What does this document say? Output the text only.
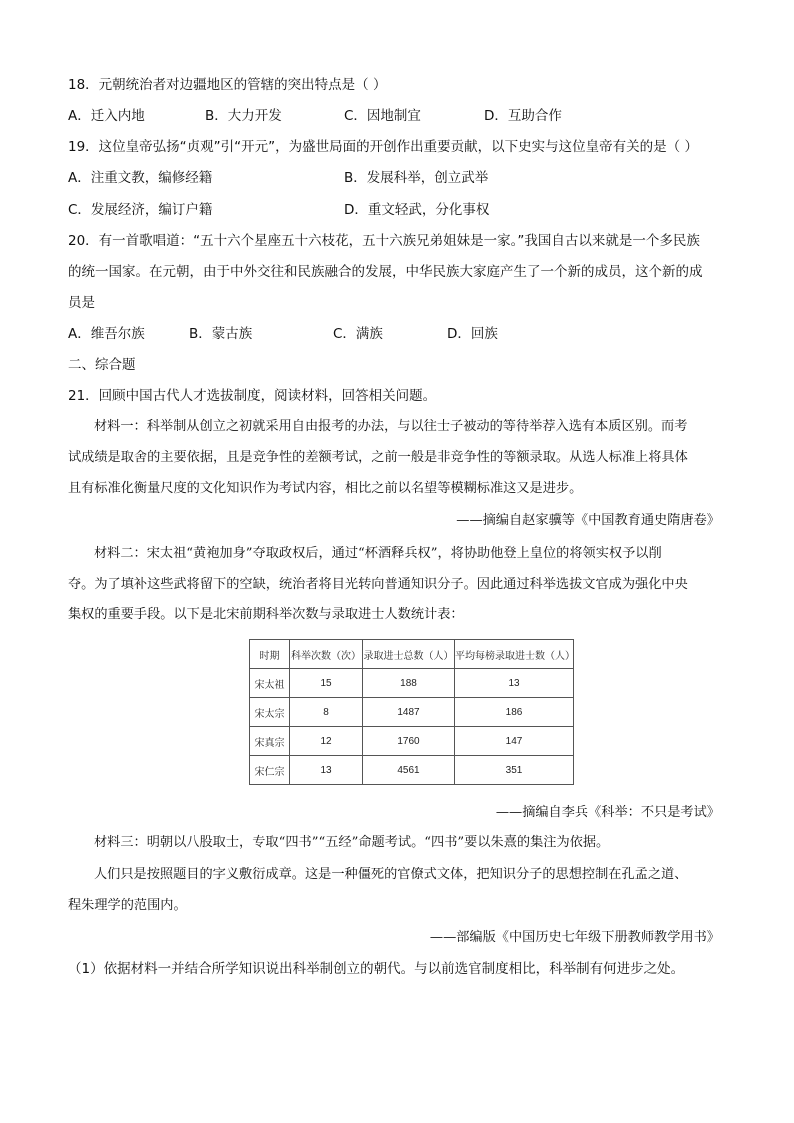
18．元朝统治者对边疆地区的管辖的突出特点是（ ）
A．迁入内地	B．大力开发	C．因地制宜	D．互助合作
19．这位皇帝弘扬“贞观”引“开元”，为盛世局面的开创作出重要贡献，以下史实与这位皇帝有关的是（ ）
A．注重文教，编修经籍	B．发展科举，创立武举
C．发展经济，编订户籍	D．重文轻武，分化事权
20．有一首歌唱道：“五十六个星座五十六枝花，五十六族兄弟姐妹是一家。”我国自古以来就是一个多民族
的统一国家。在元朝，由于中外交往和民族融合的发展，中华民族大家庭产生了一个新的成员，这个新的成
员是
A．维吾尔族	B．蒙古族	C．满族	D．回族
二、综合题
21．回顾中国古代人才选拔制度，阅读材料，回答相关问题。
材料一：科举制从创立之初就采用自由报考的办法，与以往士子被动的等待举荐入选有本质区别。而考
试成绩是取舍的主要依据，且是竞争性的差额考试，之前一般是非竞争性的等额录取。从选人标准上将具体
且有标准化衡量尺度的文化知识作为考试内容，相比之前以名望等模糊标准这又是进步。
——摘编自赵家骥等《中国教育通史隋唐卷》
材料二：宋太祖“黄袍加身”夺取政权后，通过“杯酒释兵权”，将协助他登上皇位的将领实权予以削
夺。为了填补这些武将留下的空缺，统治者将目光转向普通知识分子。因此通过科举选拔文官成为强化中央
集权的重要手段。以下是北宋前期科举次数与录取进士人数统计表：
时期	科举次数（次）	录取进士总数（人）	平均每榜录取进士数（人）
宋太祖	15	188	13
宋太宗	8	1487	186
宋真宗	12	1760	147
宋仁宗	13	4561	351
——摘编自李兵《科举：不只是考试》
材料三：明朝以八股取士，专取“四书”“五经”命题考试。“四书”要以朱熹的集注为依据。
人们只是按照题目的字义敷衍成章。这是一种僵死的官僚式文体，把知识分子的思想控制在孔孟之道、
程朱理学的范围内。
——部编版《中国历史七年级下册教师教学用书》
（1）依据材料一并结合所学知识说出科举制创立的朝代。与以前选官制度相比，科举制有何进步之处。
